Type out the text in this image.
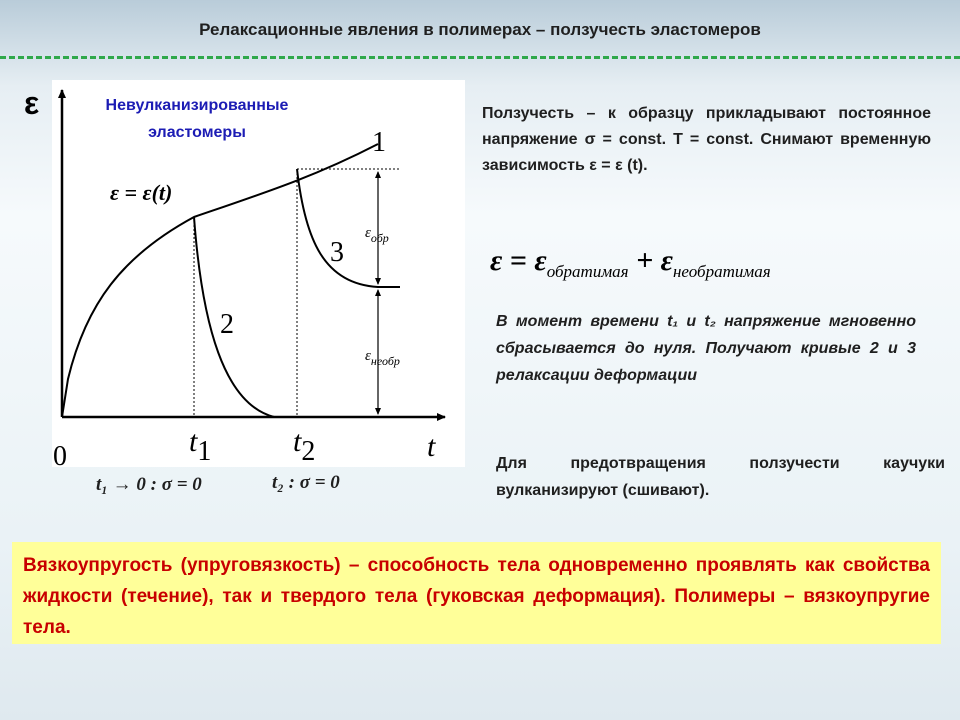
Релаксационные явления в полимерах – ползучесть эластомеров
ε	Невулканизированные
эластомеры
ε = ε(t)
1
2
3
$\varepsilon_{обр}$
$\varepsilon_{необр}$
0	t1	t2	t
t₁ → 0 : σ = 0	t₂ : σ = 0
Ползучесть – к образцу прикладывают постоянное напряжение σ = const. T = const. Снимают временную зависимость ε = ε (t).
ε = εобратимая + εнеобратимая
В момент времени t₁ и t₂ напряжение мгновенно сбрасывается до нуля. Получают кривые 2 и 3 релаксации деформации
Для предотвращения ползучести каучуки вулканизируют (сшивают).
Вязкоупругость (упруговязкость) – способность тела одновременно проявлять как свойства жидкости (течение), так и твердого тела (гуковская деформация). Полимеры – вязкоупругие тела.
